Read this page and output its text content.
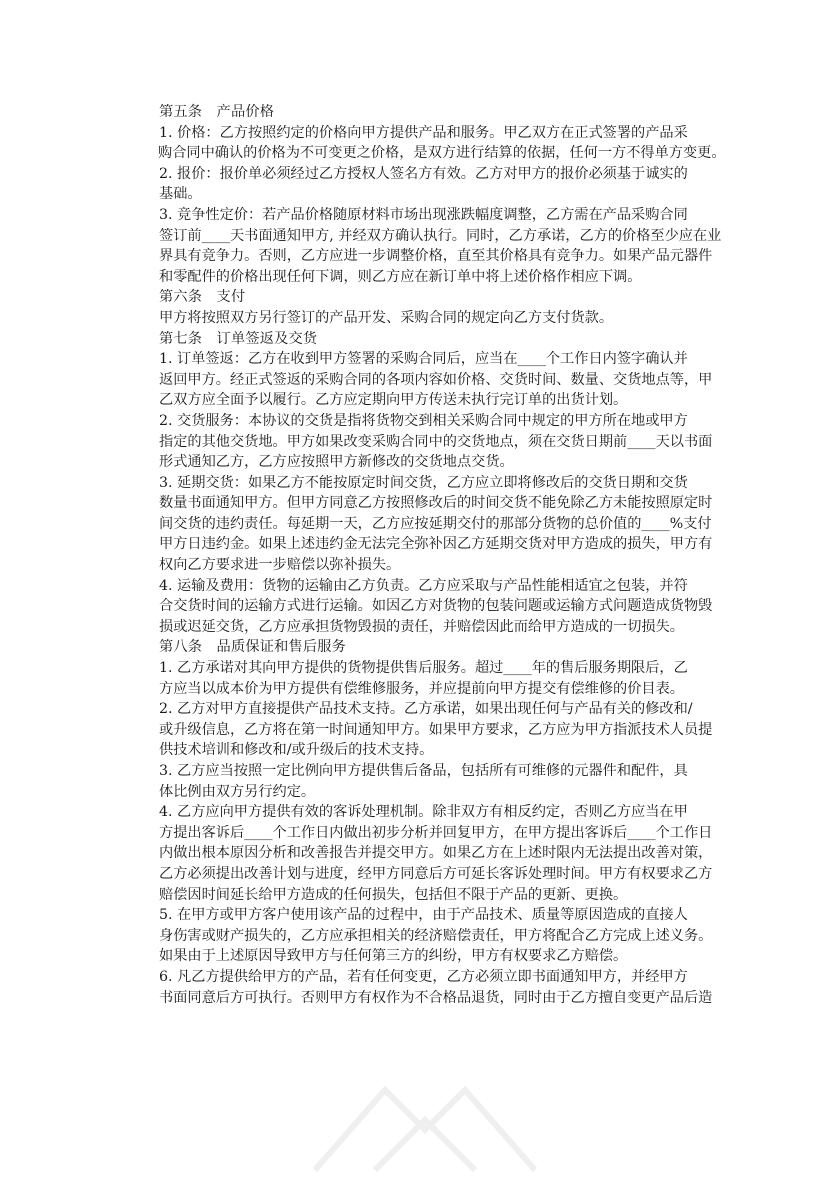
第五条　产品价格
1. 价格：乙方按照约定的价格向甲方提供产品和服务。甲乙双方在正式签署的产品采
购合同中确认的价格为不可变更之价格，是双方进行结算的依据，任何一方不得单方变更。
2. 报价：报价单必须经过乙方授权人签名方有效。乙方对甲方的报价必须基于诚实的
基础。
3. 竞争性定价：若产品价格随原材料市场出现涨跌幅度调整，乙方需在产品采购合同
签订前____天书面通知甲方, 并经双方确认执行。同时，乙方承诺，乙方的价格至少应在业
界具有竞争力。否则，乙方应进一步调整价格，直至其价格具有竞争力。如果产品元器件
和零配件的价格出现任何下调，则乙方应在新订单中将上述价格作相应下调。
第六条　支付
甲方将按照双方另行签订的产品开发、采购合同的规定向乙方支付货款。
第七条　订单签返及交货
1. 订单签返：乙方在收到甲方签署的采购合同后，应当在____个工作日内签字确认并
返回甲方。经正式签返的采购合同的各项内容如价格、交货时间、数量、交货地点等，甲
乙双方应全面予以履行。乙方应定期向甲方传送未执行完订单的出货计划。
2. 交货服务：本协议的交货是指将货物交到相关采购合同中规定的甲方所在地或甲方
指定的其他交货地。甲方如果改变采购合同中的交货地点，须在交货日期前____天以书面
形式通知乙方，乙方应按照甲方新修改的交货地点交货。
3. 延期交货：如果乙方不能按原定时间交货，乙方应立即将修改后的交货日期和交货
数量书面通知甲方。但甲方同意乙方按照修改后的时间交货不能免除乙方未能按照原定时
间交货的违约责任。每延期一天，乙方应按延期交付的那部分货物的总价值的____%支付
甲方日违约金。如果上述违约金无法完全弥补因乙方延期交货对甲方造成的损失，甲方有
权向乙方要求进一步赔偿以弥补损失。
4. 运输及费用：货物的运输由乙方负责。乙方应采取与产品性能相适宜之包装，并符
合交货时间的运输方式进行运输。如因乙方对货物的包装问题或运输方式问题造成货物毁
损或迟延交货，乙方应承担货物毁损的责任，并赔偿因此而给甲方造成的一切损失。
第八条　品质保证和售后服务
1. 乙方承诺对其向甲方提供的货物提供售后服务。超过____年的售后服务期限后，乙
方应当以成本价为甲方提供有偿维修服务，并应提前向甲方提交有偿维修的价目表。
2. 乙方对甲方直接提供产品技术支持。乙方承诺，如果出现任何与产品有关的修改和/
或升级信息，乙方将在第一时间通知甲方。如果甲方要求，乙方应为甲方指派技术人员提
供技术培训和修改和/或升级后的技术支持。
3. 乙方应当按照一定比例向甲方提供售后备品，包括所有可维修的元器件和配件，具
体比例由双方另行约定。
4. 乙方应向甲方提供有效的客诉处理机制。除非双方有相反约定，否则乙方应当在甲
方提出客诉后____个工作日内做出初步分析并回复甲方，在甲方提出客诉后____个工作日
内做出根本原因分析和改善报告并提交甲方。如果乙方在上述时限内无法提出改善对策，
乙方必须提出改善计划与进度，经甲方同意后方可延长客诉处理时间。甲方有权要求乙方
赔偿因时间延长给甲方造成的任何损失，包括但不限于产品的更新、更换。
5. 在甲方或甲方客户使用该产品的过程中，由于产品技术、质量等原因造成的直接人
身伤害或财产损失的，乙方应承担相关的经济赔偿责任，甲方将配合乙方完成上述义务。
如果由于上述原因导致甲方与任何第三方的纠纷，甲方有权要求乙方赔偿。
6. 凡乙方提供给甲方的产品，若有任何变更，乙方必须立即书面通知甲方，并经甲方
书面同意后方可执行。否则甲方有权作为不合格品退货，同时由于乙方擅自变更产品后造
